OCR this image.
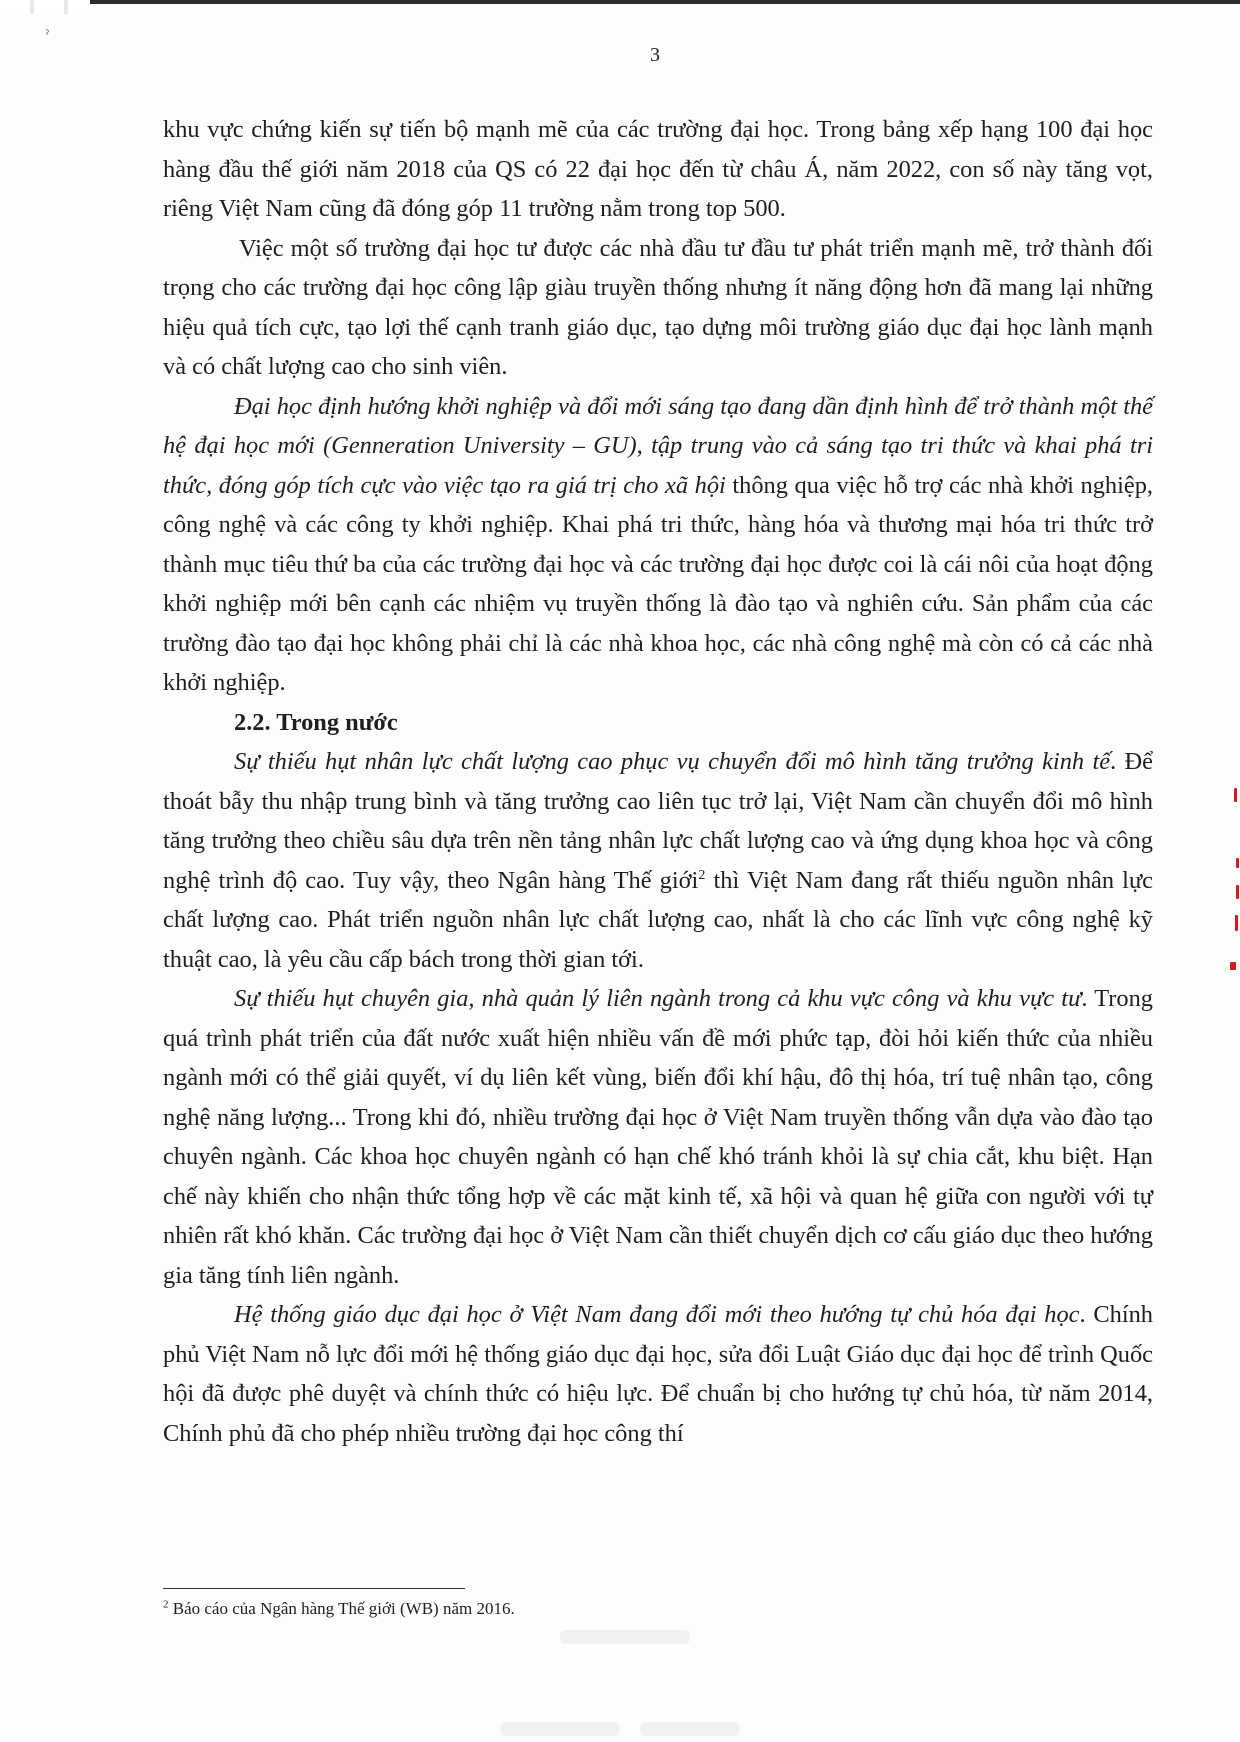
ˀ
3

khu vực chứng kiến sự tiến bộ mạnh mẽ của các trường đại học. Trong bảng xếp hạng 100 đại học hàng đầu thế giới năm 2018 của QS có 22 đại học đến từ châu Á, năm 2022, con số này tăng vọt, riêng Việt Nam cũng đã đóng góp 11 trường nằm trong top 500.

Việc một số trường đại học tư được các nhà đầu tư đầu tư phát triển mạnh mẽ, trở thành đối trọng cho các trường đại học công lập giàu truyền thống nhưng ít năng động hơn đã mang lại những hiệu quả tích cực, tạo lợi thế cạnh tranh giáo dục, tạo dựng môi trường giáo dục đại học lành mạnh và có chất lượng cao cho sinh viên.

Đại học định hướng khởi nghiệp và đổi mới sáng tạo đang dần định hình để trở thành một thế hệ đại học mới (Genneration University – GU), tập trung vào cả sáng tạo tri thức và khai phá tri thức, đóng góp tích cực vào việc tạo ra giá trị cho xã hội thông qua việc hỗ trợ các nhà khởi nghiệp, công nghệ và các công ty khởi nghiệp. Khai phá tri thức, hàng hóa và thương mại hóa tri thức trở thành mục tiêu thứ ba của các trường đại học và các trường đại học được coi là cái nôi của hoạt động khởi nghiệp mới bên cạnh các nhiệm vụ truyền thống là đào tạo và nghiên cứu. Sản phẩm của các trường đào tạo đại học không phải chỉ là các nhà khoa học, các nhà công nghệ mà còn có cả các nhà khởi nghiệp.

2.2. Trong nước

Sự thiếu hụt nhân lực chất lượng cao phục vụ chuyển đổi mô hình tăng trưởng kinh tế. Để thoát bẫy thu nhập trung bình và tăng trưởng cao liên tục trở lại, Việt Nam cần chuyển đổi mô hình tăng trưởng theo chiều sâu dựa trên nền tảng nhân lực chất lượng cao và ứng dụng khoa học và công nghệ trình độ cao. Tuy vậy, theo Ngân hàng Thế giới$^2$ thì Việt Nam đang rất thiếu nguồn nhân lực chất lượng cao. Phát triển nguồn nhân lực chất lượng cao, nhất là cho các lĩnh vực công nghệ kỹ thuật cao, là yêu cầu cấp bách trong thời gian tới.

Sự thiếu hụt chuyên gia, nhà quản lý liên ngành trong cả khu vực công và khu vực tư. Trong quá trình phát triển của đất nước xuất hiện nhiều vấn đề mới phức tạp, đòi hỏi kiến thức của nhiều ngành mới có thể giải quyết, ví dụ liên kết vùng, biến đổi khí hậu, đô thị hóa, trí tuệ nhân tạo, công nghệ năng lượng... Trong khi đó, nhiều trường đại học ở Việt Nam truyền thống vẫn dựa vào đào tạo chuyên ngành. Các khoa học chuyên ngành có hạn chế khó tránh khỏi là sự chia cắt, khu biệt. Hạn chế này khiến cho nhận thức tổng hợp về các mặt kinh tế, xã hội và quan hệ giữa con người với tự nhiên rất khó khăn. Các trường đại học ở Việt Nam cần thiết chuyển dịch cơ cấu giáo dục theo hướng gia tăng tính liên ngành.

Hệ thống giáo dục đại học ở Việt Nam đang đổi mới theo hướng tự chủ hóa đại học. Chính phủ Việt Nam nỗ lực đổi mới hệ thống giáo dục đại học, sửa đổi Luật Giáo dục đại học để trình Quốc hội đã được phê duyệt và chính thức có hiệu lực. Để chuẩn bị cho hướng tự chủ hóa, từ năm 2014, Chính phủ đã cho phép nhiều trường đại học công thí

$^2$ Báo cáo của Ngân hàng Thế giới (WB) năm 2016.
